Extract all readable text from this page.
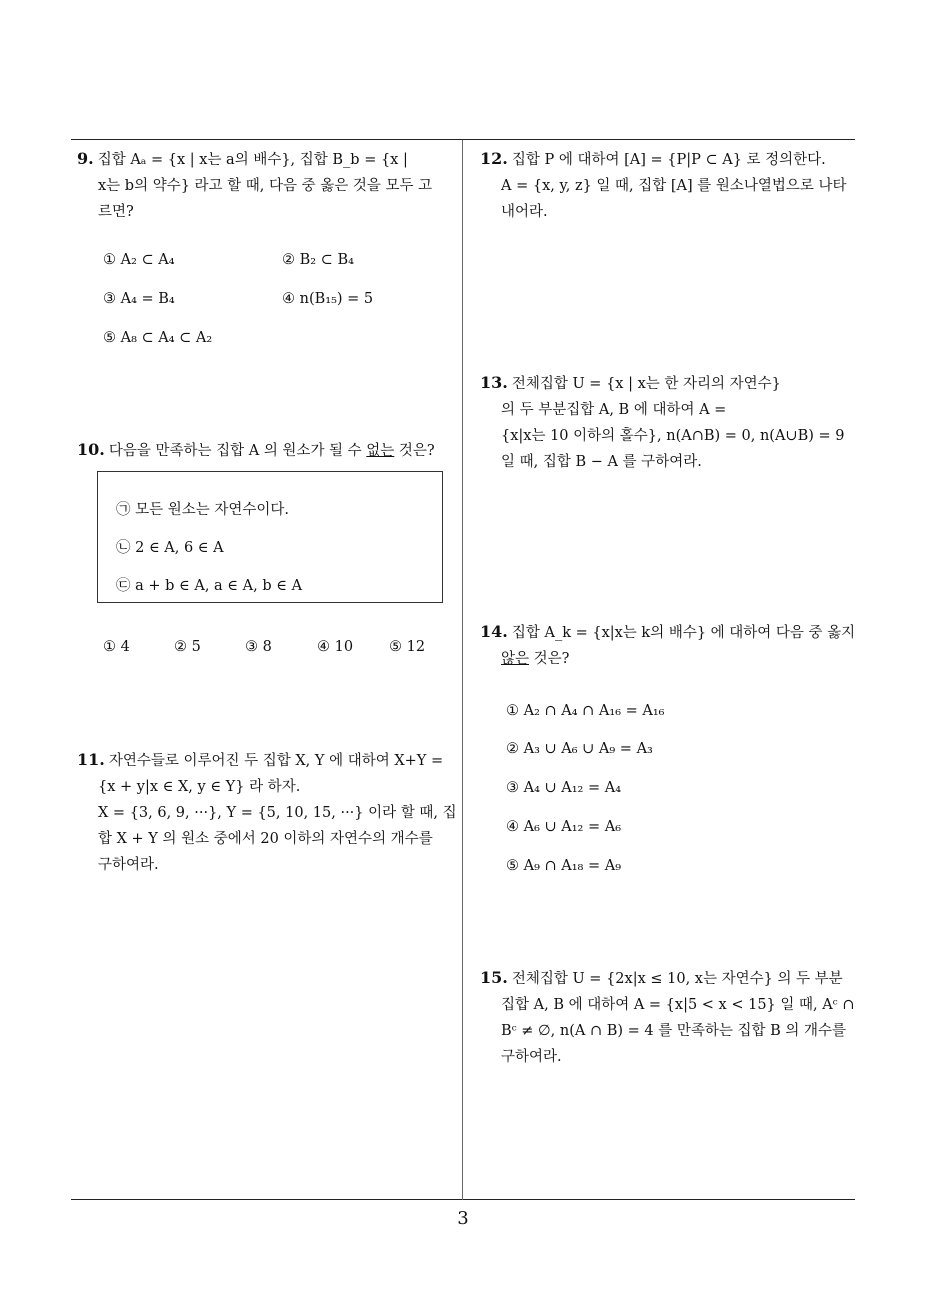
9. 집합 Aₐ = {x | x는 a의 배수}, 집합 B_b = {x |
x는 b의 약수} 라고 할 때, 다음 중 옳은 것을 모두 고
르면?
① A₂ ⊂ A₄	② B₂ ⊂ B₄
③ A₄ = B₄	④ n(B₁₅) = 5
⑤ A₈ ⊂ A₄ ⊂ A₂
10. 다음을 만족하는 집합 A 의 원소가 될 수 없는 것은?
㉠ 모든 원소는 자연수이다.
㉡ 2 ∈ A, 6 ∈ A
㉢ a + b ∈ A, a ∈ A, b ∈ A
① 4	② 5	③ 8	④ 10 ⑤ 12
11. 자연수들로 이루어진 두 집합 X, Y 에 대하여 X+Y =
{x + y|x ∈ X, y ∈ Y} 라 하자.
X = {3, 6, 9, ···}, Y = {5, 10, 15, ···} 이라 할 때, 집
합 X + Y 의 원소 중에서 20 이하의 자연수의 개수를
구하여라.
12. 집합 P 에 대하여 [A] = {P|P ⊂ A} 로 정의한다.
A = {x, y, z} 일 때, 집합 [A] 를 원소나열법으로 나타
내어라.
13. 전체집합 U = {x | x는 한 자리의 자연수}
의 두 부분집합 A, B 에 대하여 A =
{x|x는 10 이하의 홀수}, n(A∩B) = 0, n(A∪B) = 9
일 때, 집합 B − A 를 구하여라.
14. 집합 A_k = {x|x는 k의 배수} 에 대하여 다음 중 옳지
않은 것은?
① A₂ ∩ A₄ ∩ A₁₆ = A₁₆
② A₃ ∪ A₆ ∪ A₉ = A₃
③ A₄ ∪ A₁₂ = A₄
④ A₆ ∪ A₁₂ = A₆
⑤ A₉ ∩ A₁₈ = A₉
15. 전체집합 U = {2x|x ≤ 10, x는 자연수} 의 두 부분
집합 A, B 에 대하여 A = {x|5 < x < 15} 일 때, Aᶜ ∩
Bᶜ ≠ ∅, n(A ∩ B) = 4 를 만족하는 집합 B 의 개수를
구하여라.
3
